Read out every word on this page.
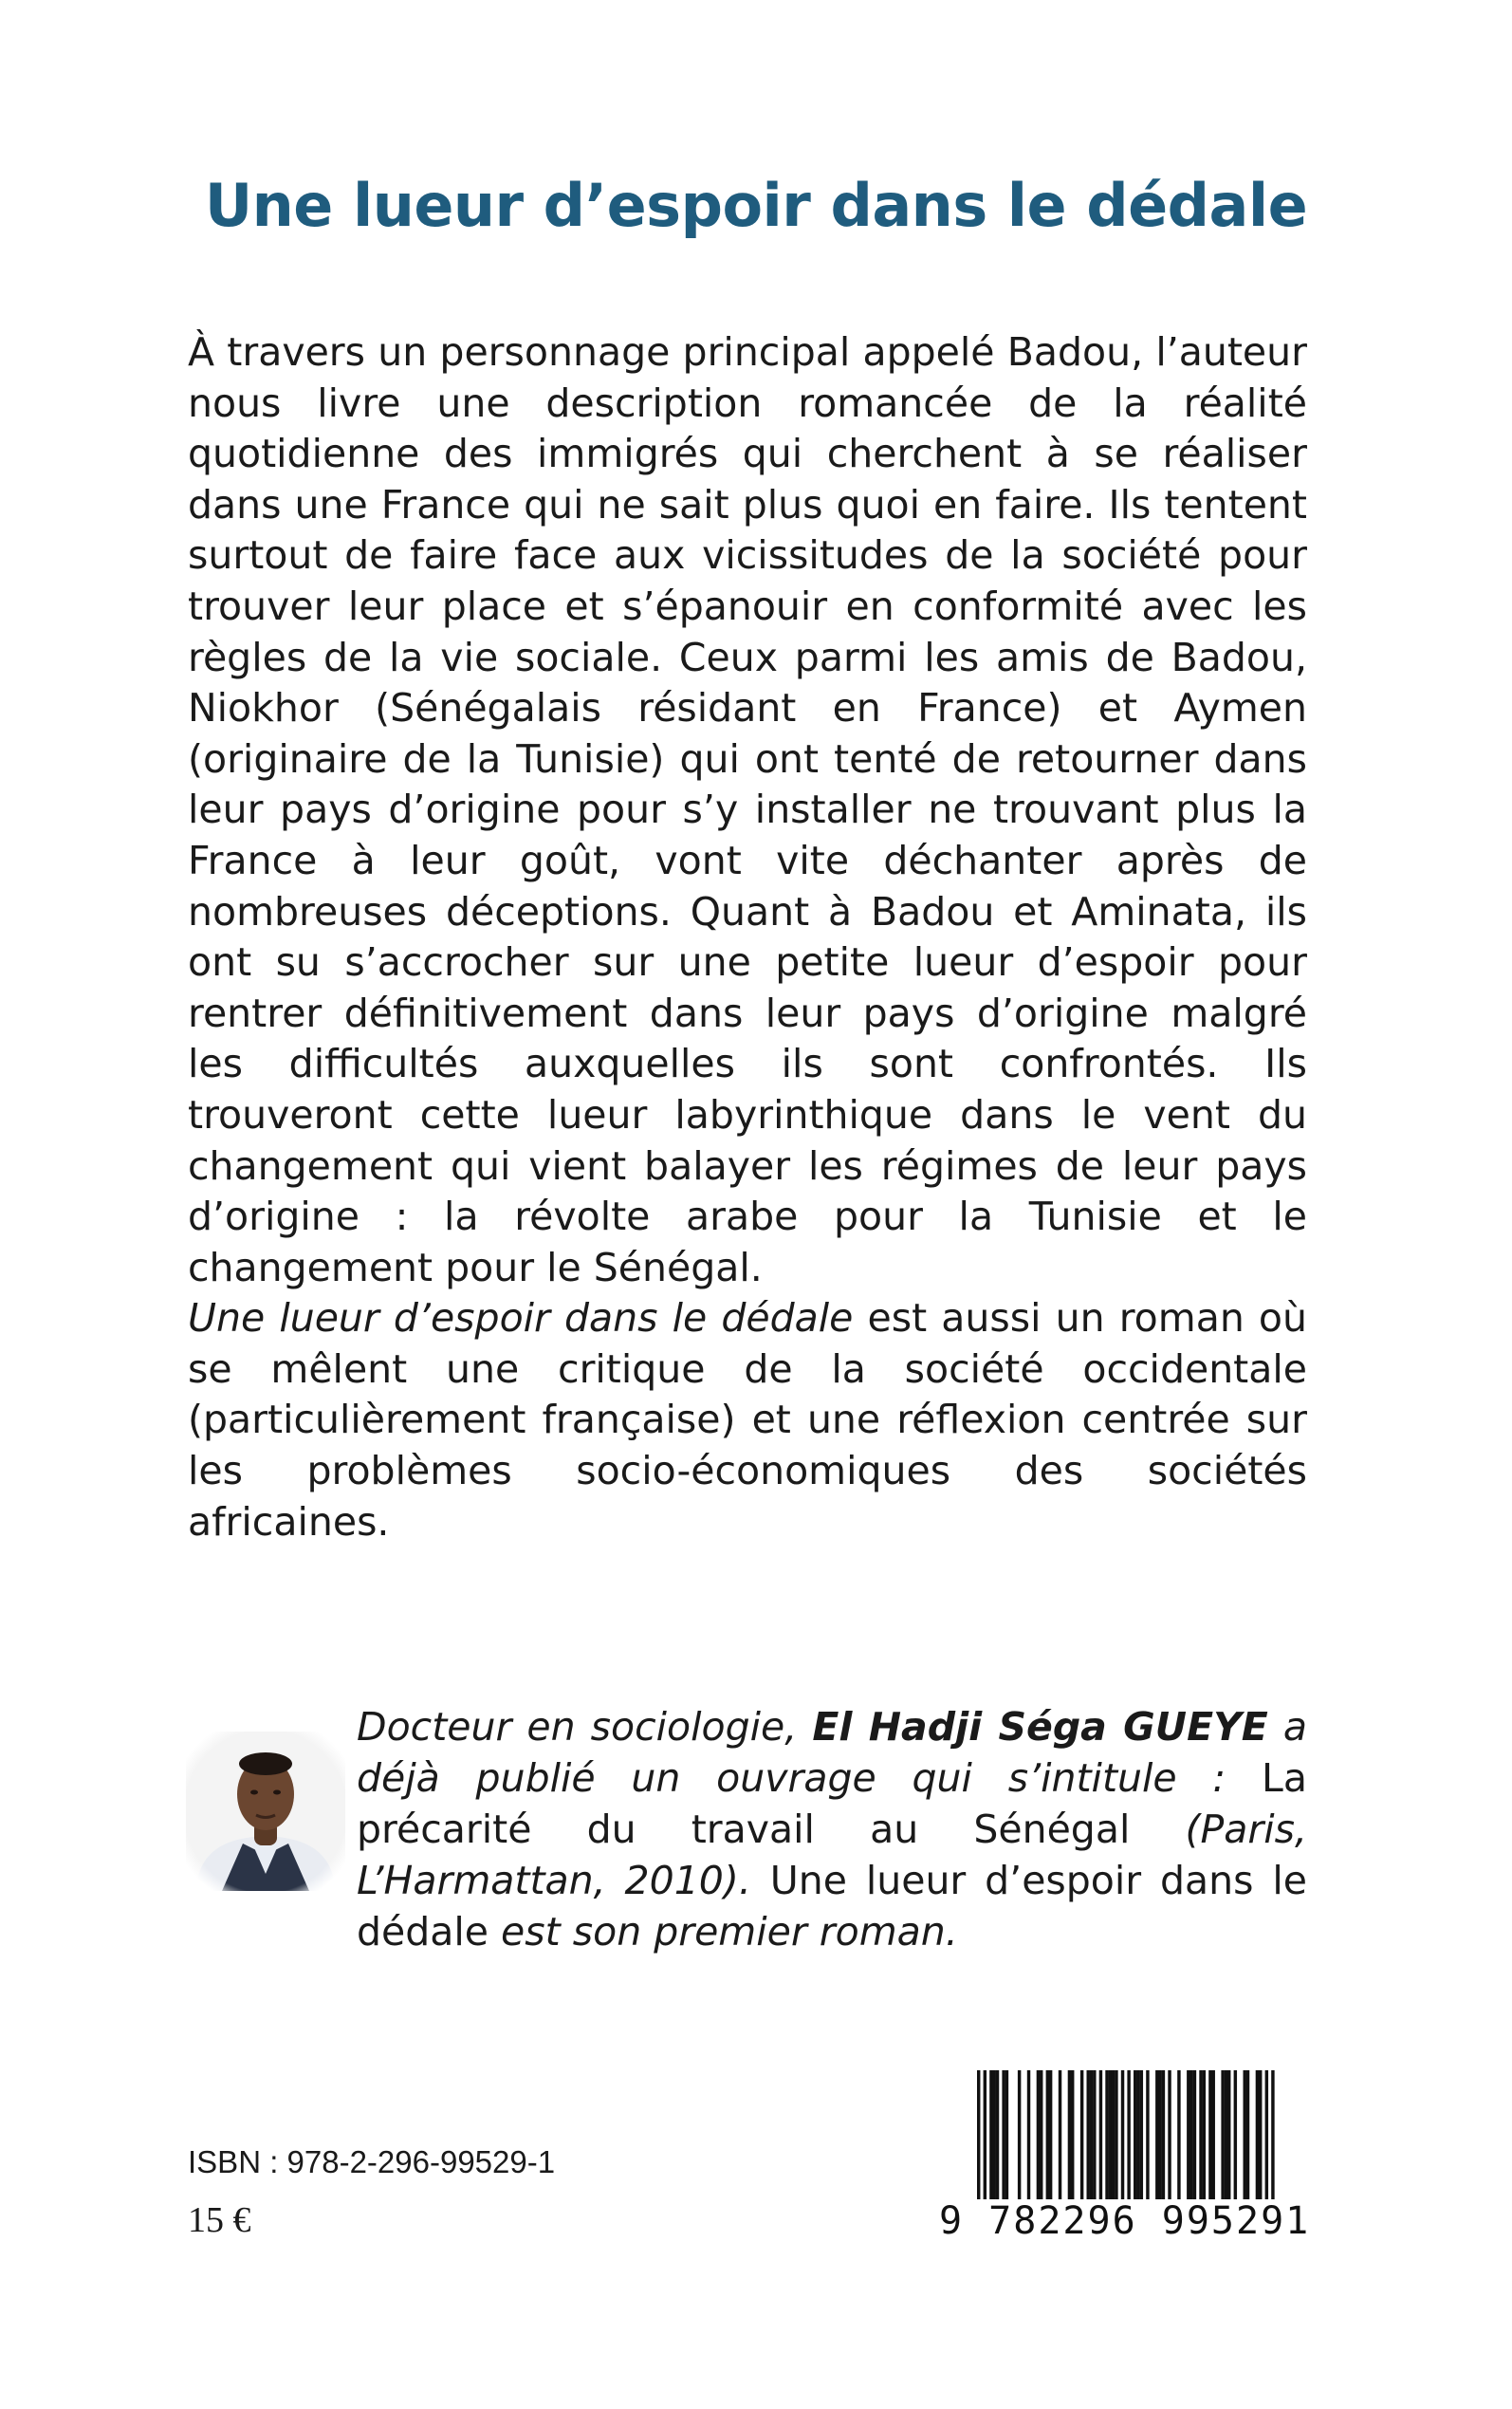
Une lueur d’espoir dans le dédale

À travers un personnage principal appelé Badou, l’auteur nous livre une description romancée de la réalité quotidienne des immigrés qui cherchent à se réaliser dans une France qui ne sait plus quoi en faire. Ils tentent surtout de faire face aux vicissitudes de la société pour trouver leur place et s’épanouir en conformité avec les règles de la vie sociale. Ceux parmi les amis de Badou, Niokhor (Sénégalais résidant en France) et Aymen (originaire de la Tunisie) qui ont tenté de retourner dans leur pays d’origine pour s’y installer ne trouvant plus la France à leur goût, vont vite déchanter après de nombreuses déceptions. Quant à Badou et Aminata, ils ont su s’accrocher sur une petite lueur d’espoir pour rentrer définitivement dans leur pays d’origine malgré les difficultés auxquelles ils sont confrontés. Ils trouveront cette lueur labyrinthique dans le vent du changement qui vient balayer les régimes de leur pays d’origine : la révolte arabe pour la Tunisie et le changement pour le Sénégal.

Une lueur d’espoir dans le dédale est aussi un roman où se mêlent une critique de la société occidentale (particulièrement française) et une réflexion centrée sur les problèmes socio-économiques des sociétés africaines.

Docteur en sociologie, El Hadji Séga GUEYE a déjà publié un ouvrage qui s’intitule : La précarité du travail au Sénégal (Paris, L’Harmattan, 2010). Une lueur d’espoir dans le dédale est son premier roman.

ISBN : 978-2-296-99529-1
15 €	9 782296 995291
